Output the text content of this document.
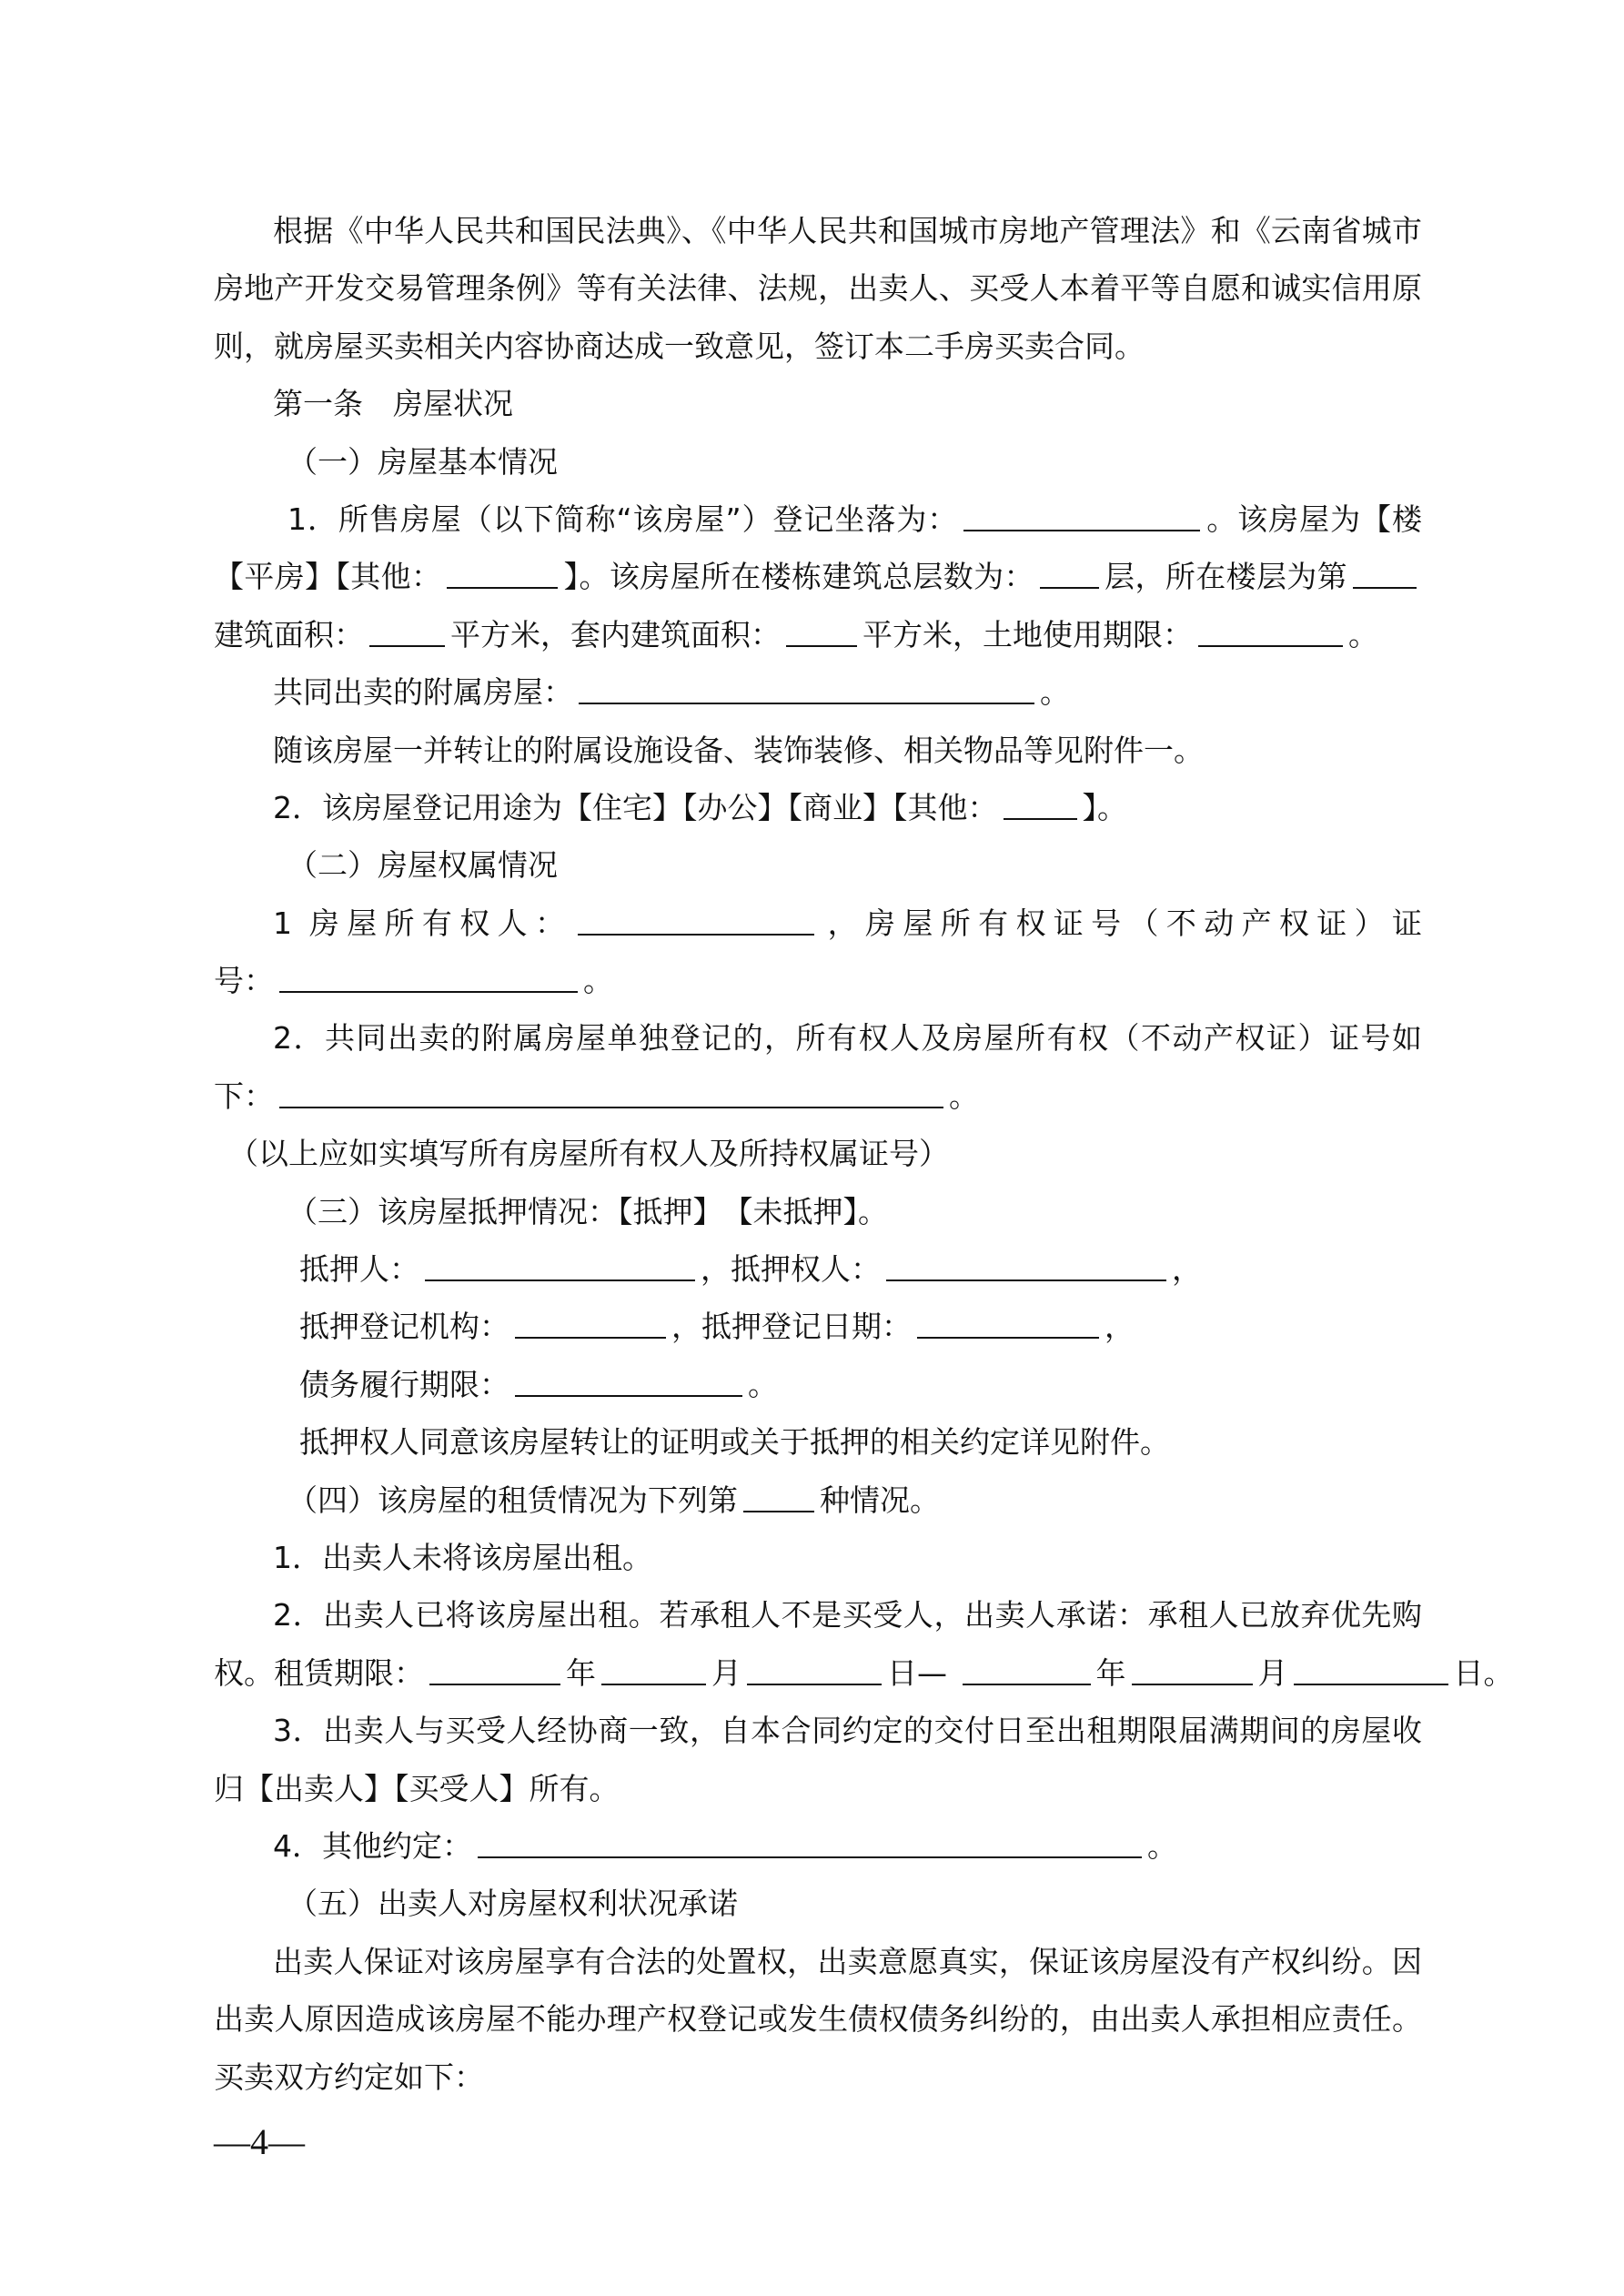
根据《中华人民共和国民法典》、《中华人民共和国城市房地产管理法》和《云南省城市
房地产开发交易管理条例》等有关法律、法规，出卖人、买受人本着平等自愿和诚实信用原
则，就房屋买卖相关内容协商达成一致意见，签订本二手房买卖合同。
第一条　房屋状况
（一）房屋基本情况
1．所售房屋（以下简称“该房屋”）登记坐落为：	。该房屋为【楼
【平房】【其他：	】。该房屋所在楼栋建筑总层数为： 层，所在楼层为第
建筑面积：	平方米，套内建筑面积：	平方米，土地使用期限：	。
共同出卖的附属房屋：	。
随该房屋一并转让的附属设施设备、装饰装修、相关物品等见附件一。
2．该房屋登记用途为【住宅】【办公】【商业】【其他：	】。
（二）房屋权属情况
1 房屋所有权人：	，房屋所有权证号（不动产权证）证
号：	。
2．共同出卖的附属房屋单独登记的，所有权人及房屋所有权（不动产权证）证号如
下：	。
（以上应如实填写所有房屋所有权人及所持权属证号）
（三）该房屋抵押情况：【抵押】　【未抵押】。
抵押人：	，抵押权人：	，
抵押登记机构：	，抵押登记日期：	，
债务履行期限：	。
抵押权人同意该房屋转让的证明或关于抵押的相关约定详见附件。
（四）该房屋的租赁情况为下列第	种情况。
1．出卖人未将该房屋出租。
2．出卖人已将该房屋出租。若承租人不是买受人，出卖人承诺：承租人已放弃优先购
权。租赁期限：	年	月	日—	年	月	日。
3．出卖人与买受人经协商一致，自本合同约定的交付日至出租期限届满期间的房屋收
归【出卖人】【买受人】所有。
4．其他约定：	。
（五）出卖人对房屋权利状况承诺
出卖人保证对该房屋享有合法的处置权，出卖意愿真实，保证该房屋没有产权纠纷。因
出卖人原因造成该房屋不能办理产权登记或发生债权债务纠纷的，由出卖人承担相应责任。
买卖双方约定如下：
—4—
